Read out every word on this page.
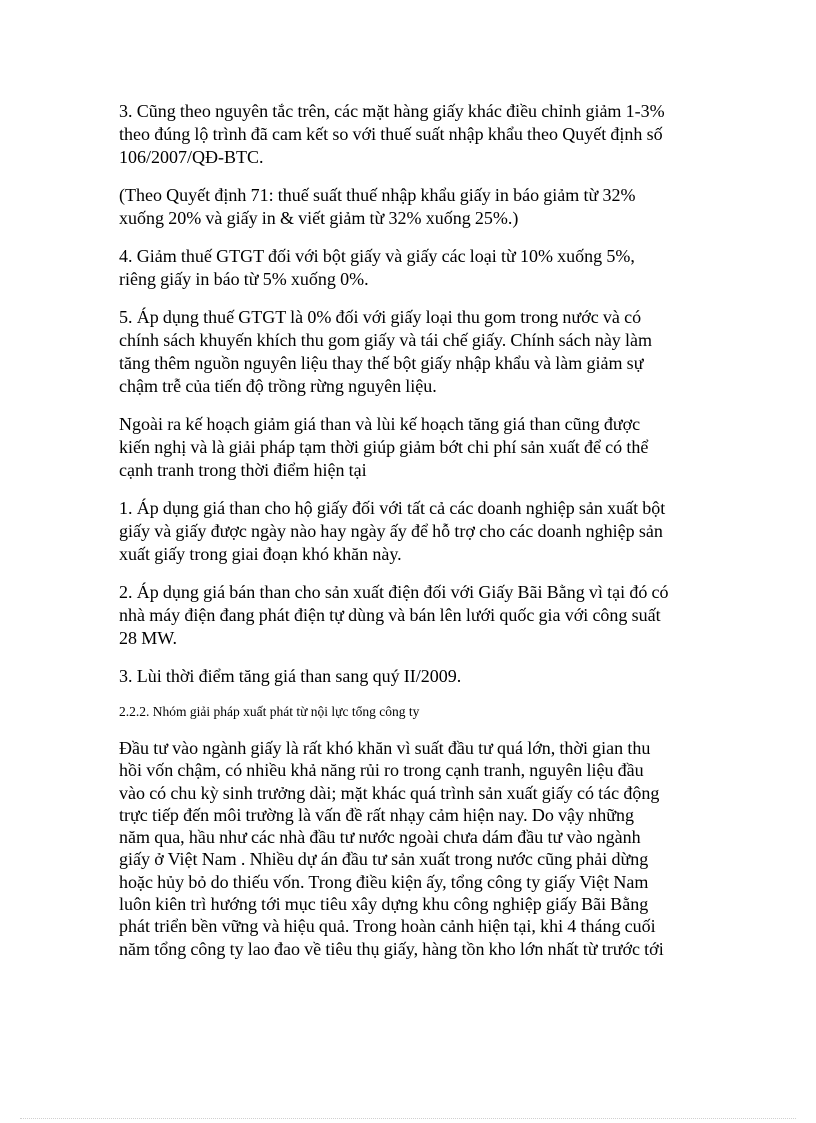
3. Cũng theo nguyên tắc trên, các mặt hàng giấy khác điều chỉnh giảm 1-3%
theo đúng lộ trình đã cam kết so với thuế suất nhập khẩu theo Quyết định số
106/2007/QĐ-BTC.

(Theo Quyết định 71: thuế suất thuế nhập khẩu giấy in báo giảm từ 32%
xuống 20% và giấy in & viết giảm từ 32% xuống 25%.)

4. Giảm thuế GTGT đối với bột giấy và giấy các loại từ 10% xuống 5%,
riêng giấy in báo từ 5% xuống 0%.

5. Áp dụng thuế GTGT là 0% đối với giấy loại thu gom trong nước và có
chính sách khuyến khích thu gom giấy và tái chế giấy. Chính sách này làm
tăng thêm nguồn nguyên liệu thay thế bột giấy nhập khẩu và làm giảm sự
chậm trễ của tiến độ trồng rừng nguyên liệu.

Ngoài ra kế hoạch giảm giá than và lùi kế hoạch tăng giá than cũng được
kiến nghị và là giải pháp tạm thời giúp giảm bớt chi phí sản xuất để có thể
cạnh tranh trong thời điểm hiện tại

1. Áp dụng giá than cho hộ giấy đối với tất cả các doanh nghiệp sản xuất bột
giấy và giấy được ngày nào hay ngày ấy để hỗ trợ cho các doanh nghiệp sản
xuất giấy trong giai đoạn khó khăn này.

2. Áp dụng giá bán than cho sản xuất điện đối với Giấy Bãi Bằng vì tại đó có
nhà máy điện đang phát điện tự dùng và bán lên lưới quốc gia với công suất
28 MW.

3. Lùi thời điểm tăng giá than sang quý II/2009.

2.2.2. Nhóm giải pháp xuất phát từ nội lực tổng công ty

Đầu tư vào ngành giấy là rất khó khăn vì suất đầu tư quá lớn, thời gian thu
hồi vốn chậm, có nhiều khả năng rủi ro trong cạnh tranh, nguyên liệu đầu
vào có chu kỳ sinh trưởng dài; mặt khác quá trình sản xuất giấy có tác động
trực tiếp đến môi trường là vấn đề rất nhạy cảm hiện nay. Do vậy những
năm qua, hầu như các nhà đầu tư nước ngoài chưa dám đầu tư vào ngành
giấy ở Việt Nam . Nhiều dự án đầu tư sản xuất trong nước cũng phải dừng
hoặc hủy bỏ do thiếu vốn. Trong điều kiện ấy, tổng công ty giấy Việt Nam
luôn kiên trì hướng tới mục tiêu xây dựng khu công nghiệp giấy Bãi Bằng
phát triển bền vững và hiệu quả. Trong hoàn cảnh hiện tại, khi 4 tháng cuối
năm tổng công ty lao đao về tiêu thụ giấy, hàng tồn kho lớn nhất từ trước tới
